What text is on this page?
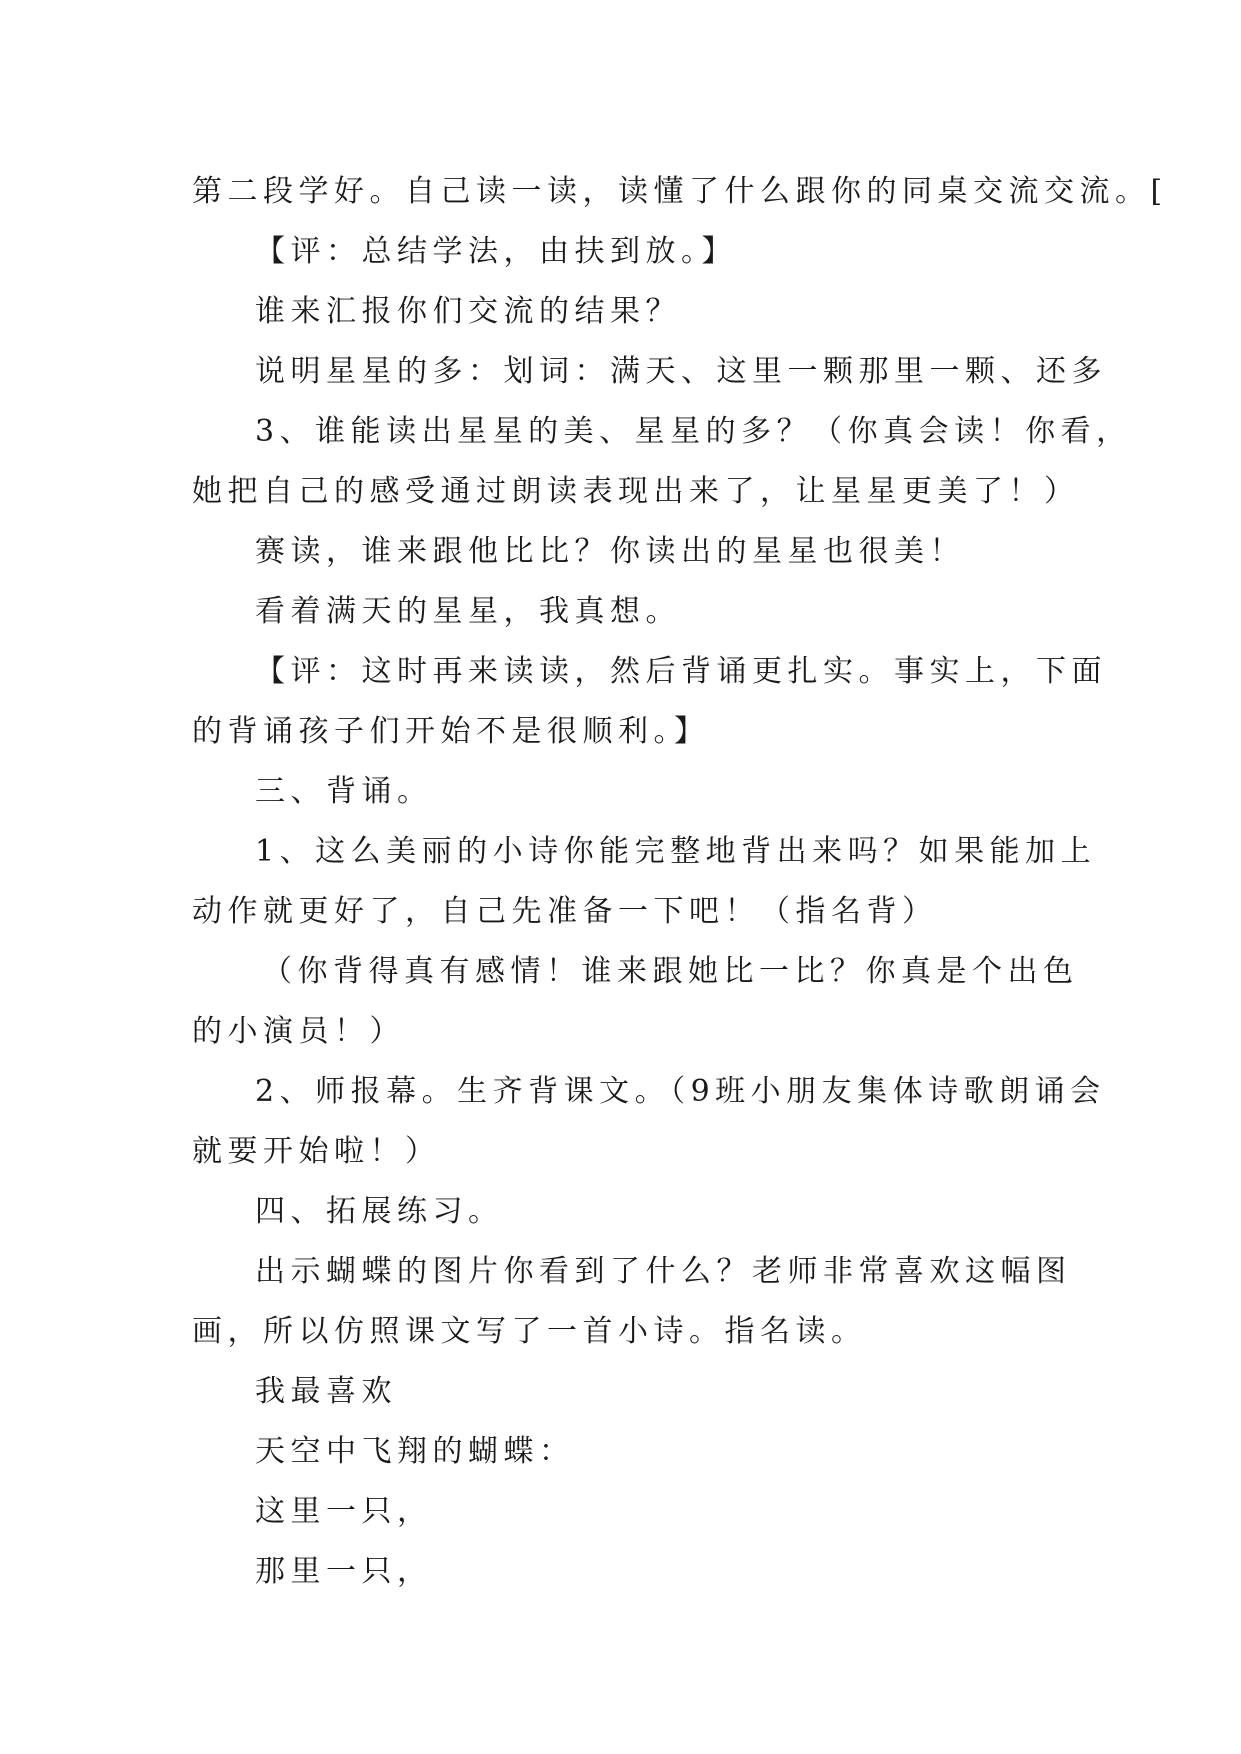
第二段学好。自己读一读，读懂了什么跟你的同桌交流交流。[
【评：总结学法，由扶到放。】
谁来汇报你们交流的结果？
说明星星的多：划词：满天、这里一颗那里一颗、还多
3、谁能读出星星的美、星星的多？（你真会读！你看，
她把自己的感受通过朗读表现出来了，让星星更美了！）
赛读，谁来跟他比比？你读出的星星也很美！
看着满天的星星，我真想。
【评：这时再来读读，然后背诵更扎实。事实上，下面
的背诵孩子们开始不是很顺利。】
三、背诵。
1、这么美丽的小诗你能完整地背出来吗？如果能加上
动作就更好了，自己先准备一下吧！（指名背）
（你背得真有感情！谁来跟她比一比？你真是个出色
的小演员！）
2、师报幕。生齐背课文。（9班小朋友集体诗歌朗诵会
就要开始啦！）
四、拓展练习。
出示蝴蝶的图片你看到了什么？老师非常喜欢这幅图
画，所以仿照课文写了一首小诗。指名读。
我最喜欢
天空中飞翔的蝴蝶：
这里一只，
那里一只，
